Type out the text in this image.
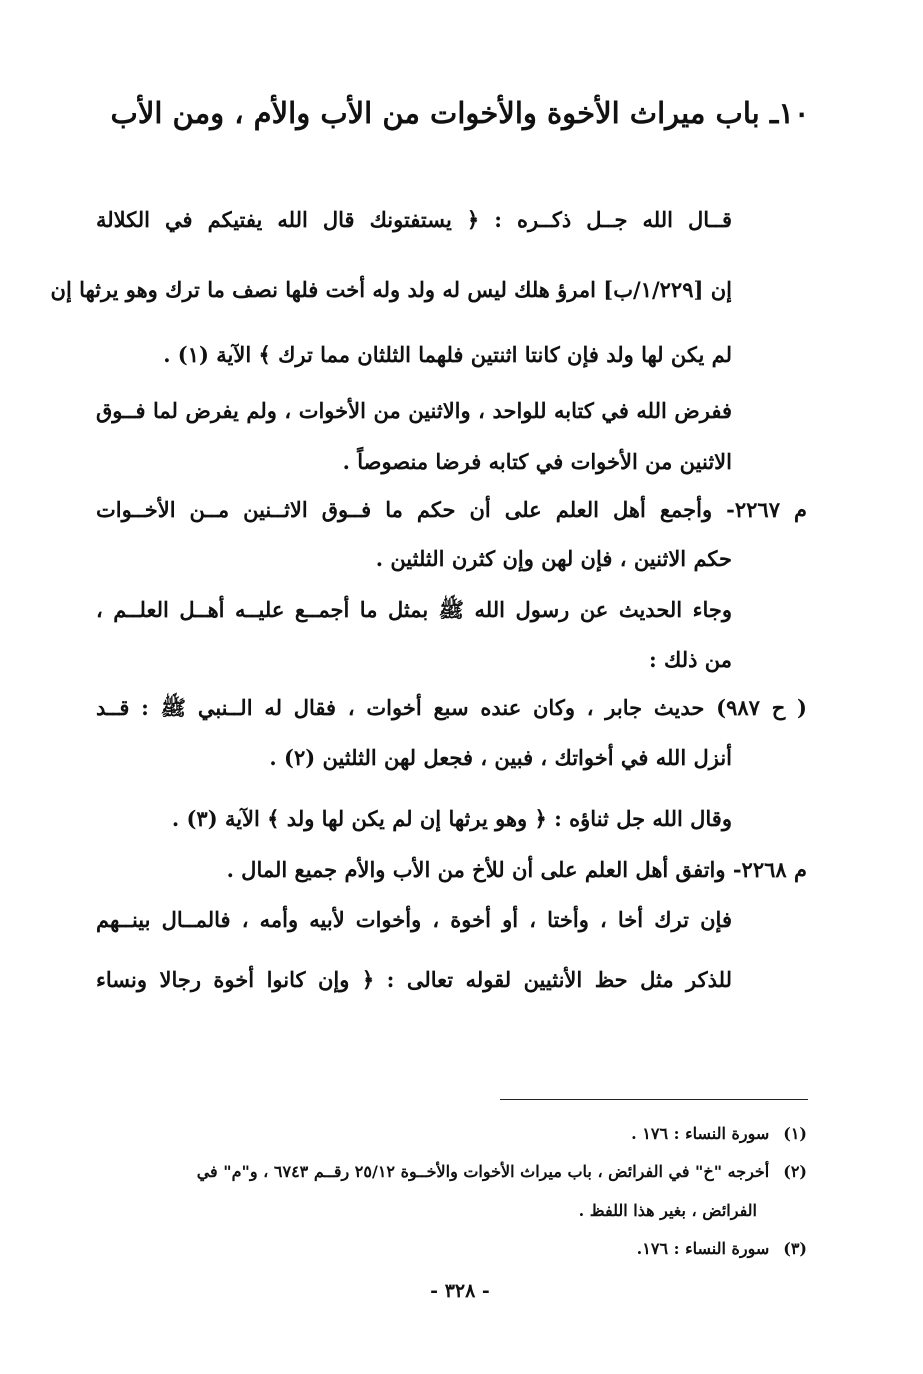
١٠ـ باب ميراث الأخوة والأخوات من الأب والأم ، ومن الأب
قــال الله جــل ذكــره : ﴿ يستفتونك قال الله يفتيكم في الكلالة
إن [١/٢٢٩/ب] امرؤ هلك ليس له ولد وله أخت فلها نصف ما ترك وهو يرثها إن
لم يكن لها ولد فإن كانتا اثنتين فلهما الثلثان مما ترك ﴾ الآية (١) .
ففرض الله في كتابه للواحد ، والاثنين من الأخوات ، ولم يفرض لما فــوق
الاثنين من الأخوات في كتابه فرضا منصوصاً .
م ٢٢٦٧- وأجمع أهل العلم على أن حكم ما فــوق الاثــنين مــن الأخــوات
حكم الاثنين ، فإن لهن وإن كثرن الثلثين .
وجاء الحديث عن رسول الله ﷺ بمثل ما أجمــع عليــه أهــل العلــم ،
من ذلك :
( ح ٩٨٧) حديث جابر ، وكان عنده سبع أخوات ، فقال له الــنبي ﷺ : قــد
أنزل الله في أخواتك ، فبين ، فجعل لهن الثلثين (٢) .
وقال الله جل ثناؤه : ﴿ وهو يرثها إن لم يكن لها ولد ﴾ الآية (٣) .
م ٢٢٦٨- واتفق أهل العلم على أن للأخ من الأب والأم جميع المال .
فإن ترك أخا ، وأختا ، أو أخوة ، وأخوات لأبيه وأمه ، فالمــال بينــهم
للذكر مثل حظ الأنثيين لقوله تعالى : ﴿ وإن كانوا أخوة رجالا ونساء
(١)سورة النساء : ١٧٦ .
(٢)أخرجه "خ" في الفرائض ، باب ميراث الأخوات والأخــوة ٢٥/١٢ رقــم ٦٧٤٣ ، و"م" في
الفرائض ، بغير هذا اللفظ .
(٣)سورة النساء : ١٧٦.
- ٣٢٨ -
